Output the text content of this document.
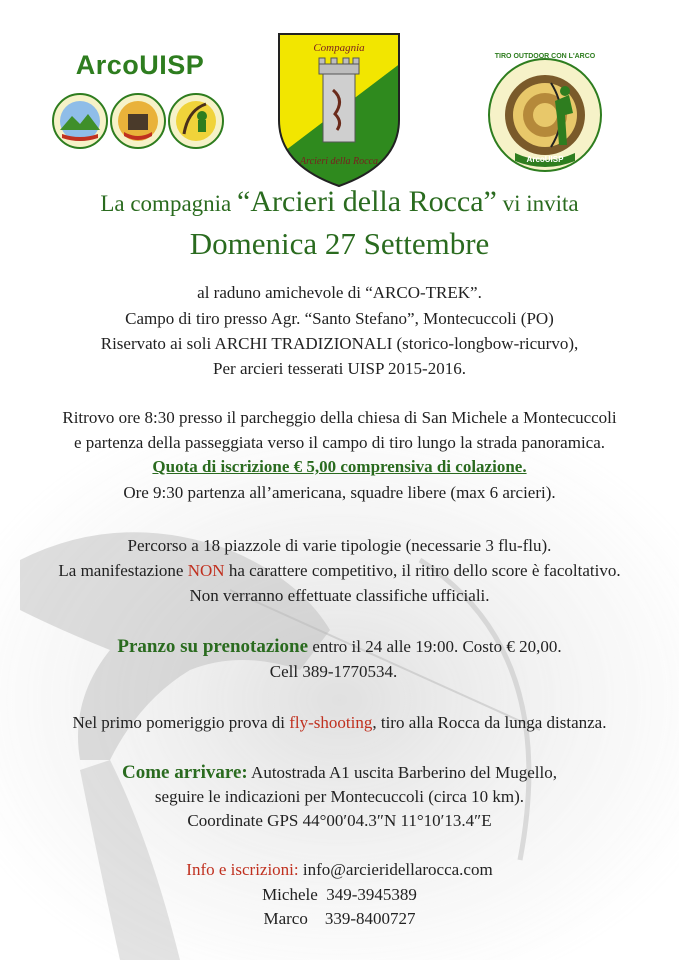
ArcoUISP
Compagnia
Arcieri della Rocca
TIRO OUTDOOR CON L'ARCO
ArcoUISP
La compagnia “Arcieri della Rocca” vi invita
Domenica 27 Settembre
al raduno amichevole di “ARCO-TREK”.
Campo di tiro presso Agr. “Santo Stefano”, Montecuccoli (PO)
Riservato ai soli ARCHI TRADIZIONALI (storico-longbow-ricurvo),
Per arcieri tesserati UISP 2015-2016.
Ritrovo ore 8:30 presso il parcheggio della chiesa di San Michele a Montecuccoli
e partenza della passeggiata verso il campo di tiro lungo la strada panoramica.
Quota di iscrizione € 5,00 comprensiva di colazione.
Ore 9:30 partenza all’americana, squadre libere (max 6 arcieri).
Percorso a 18 piazzole di varie tipologie (necessarie 3 flu-flu).
La manifestazione NON ha carattere competitivo, il ritiro dello score è facoltativo.
Non verranno effettuate classifiche ufficiali.
Pranzo su prenotazione entro il 24 alle 19:00. Costo € 20,00.
Cell 389-1770534.
Nel primo pomeriggio prova di fly-shooting, tiro alla Rocca da lunga distanza.
Come arrivare: Autostrada A1 uscita Barberino del Mugello,
seguire le indicazioni per Montecuccoli (circa 10 km).
Coordinate GPS 44°00′04.3″N 11°10′13.4″E
Info e iscrizioni: info@arcieridellarocca.com
Michele  349-3945389
Marco    339-8400727
